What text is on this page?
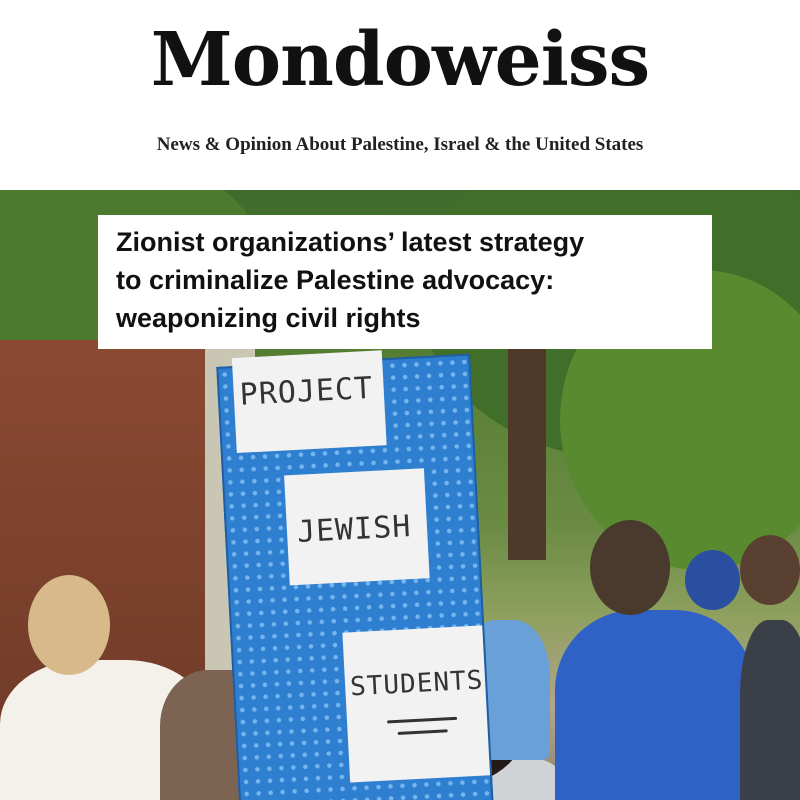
Mondoweiss
News & Opinion About Palestine, Israel & the United States
PROJECT
JEWISH
STUDENTS
Zionist organizations’ latest strategy
to criminalize Palestine advocacy:
weaponizing civil rights
